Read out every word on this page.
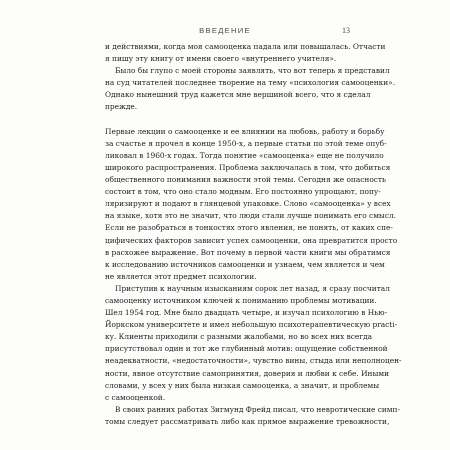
ВВЕДЕНИЕ	13
и действиями, когда моя самооценка падала или повышалась. Отчасти
я пишу эту книгу от имени своего «внутреннего учителя».
Было бы глупо с моей стороны заявлять, что вот теперь я представил
на суд читателей последнее творение на тему «психология самооценки».
Однако нынешний труд кажется мне вершиной всего, что я сделал
прежде.
Первые лекции о самооценке и ее влиянии на любовь, работу и борьбу
за счастье я прочел в конце 1950-х, а первые статьи по этой теме опуб-
ликовал в 1960-х годах. Тогда понятие «самооценка» еще не получило
широкого распространения. Проблема заключалась в том, что добиться
общественного понимания важности этой темы. Сегодня же опасность
состоит в том, что оно стало модным. Его постоянно упрощают, попу-
ляризируют и подают в глянцевой упаковке. Слово «самооценка» у всех
на языке, хотя это не значит, что люди стали лучше понимать его смысл.
Если не разобраться в тонкостях этого явления, не понять, от каких спе-
цифических факторов зависит успех самооценки, она превратится просто
в расхожее выражение. Вот почему в первой части книги мы обратимся
к исследованию источников самооценки и узнаем, чем является и чем
не является этот предмет психологии.
Приступив к научным изысканиям сорок лет назад, я сразу посчитал
самооценку источником ключей к пониманию проблемы мотивации.
Шел 1954 год. Мне было двадцать четыре, и изучал психологию в Нью-
Йоркском университете и имел небольшую психотерапевтическую practi-
ку. Клиенты приходили с разными жалобами, но во всех них всегда
присутствовал один и тот же глубинный мотив: ощущение собственной
неадекватности, «недостаточности», чувство вины, стыда или неполноцен-
ности, явное отсутствие самопринятия, доверия и любви к себе. Иными
словами, у всех у них была низкая самооценка, а значит, и проблемы
с самооценкой.
В своих ранних работах Зигмунд Фрейд писал, что невротические симп-
томы следует рассматривать либо как прямое выражение тревожности,
